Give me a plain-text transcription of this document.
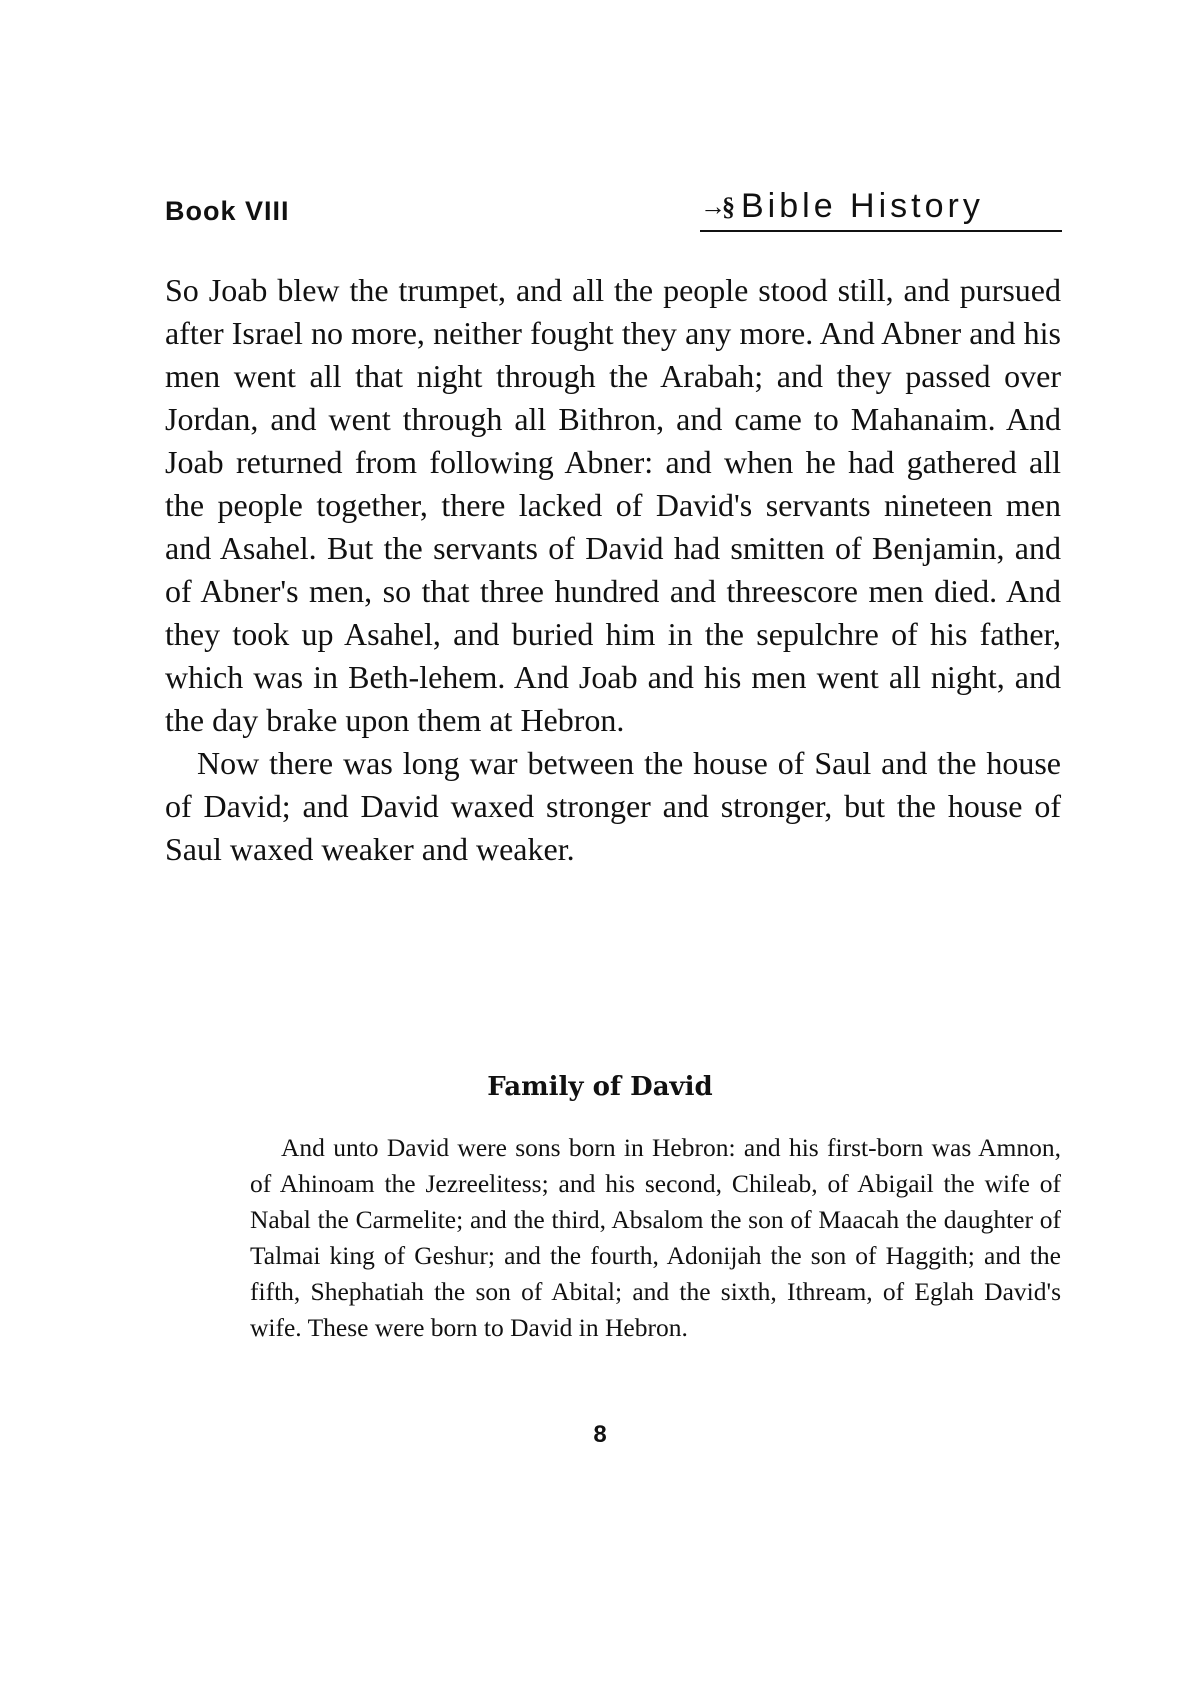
Book VIII	→§ Bible History

So Joab blew the trumpet, and all the people stood still, and pursued after Israel no more, neither fought they any more. And Abner and his men went all that night through the Arabah; and they passed over Jordan, and went through all Bithron, and came to Mahanaim. And Joab returned from following Abner: and when he had gathered all the people together, there lacked of David's servants nineteen men and Asahel. But the servants of David had smitten of Benjamin, and of Abner's men, so that three hundred and threescore men died. And they took up Asahel, and buried him in the sepulchre of his father, which was in Beth-lehem. And Joab and his men went all night, and the day brake upon them at Hebron.

Now there was long war between the house of Saul and the house of David; and David waxed stronger and stronger, but the house of Saul waxed weaker and weaker.

Family of David

And unto David were sons born in Hebron: and his first-born was Amnon, of Ahinoam the Jezreelitess; and his second, Chileab, of Abigail the wife of Nabal the Carmelite; and the third, Absalom the son of Maacah the daughter of Talmai king of Geshur; and the fourth, Adonijah the son of Haggith; and the fifth, Shephatiah the son of Abital; and the sixth, Ithream, of Eglah David's wife. These were born to David in Hebron.

8
